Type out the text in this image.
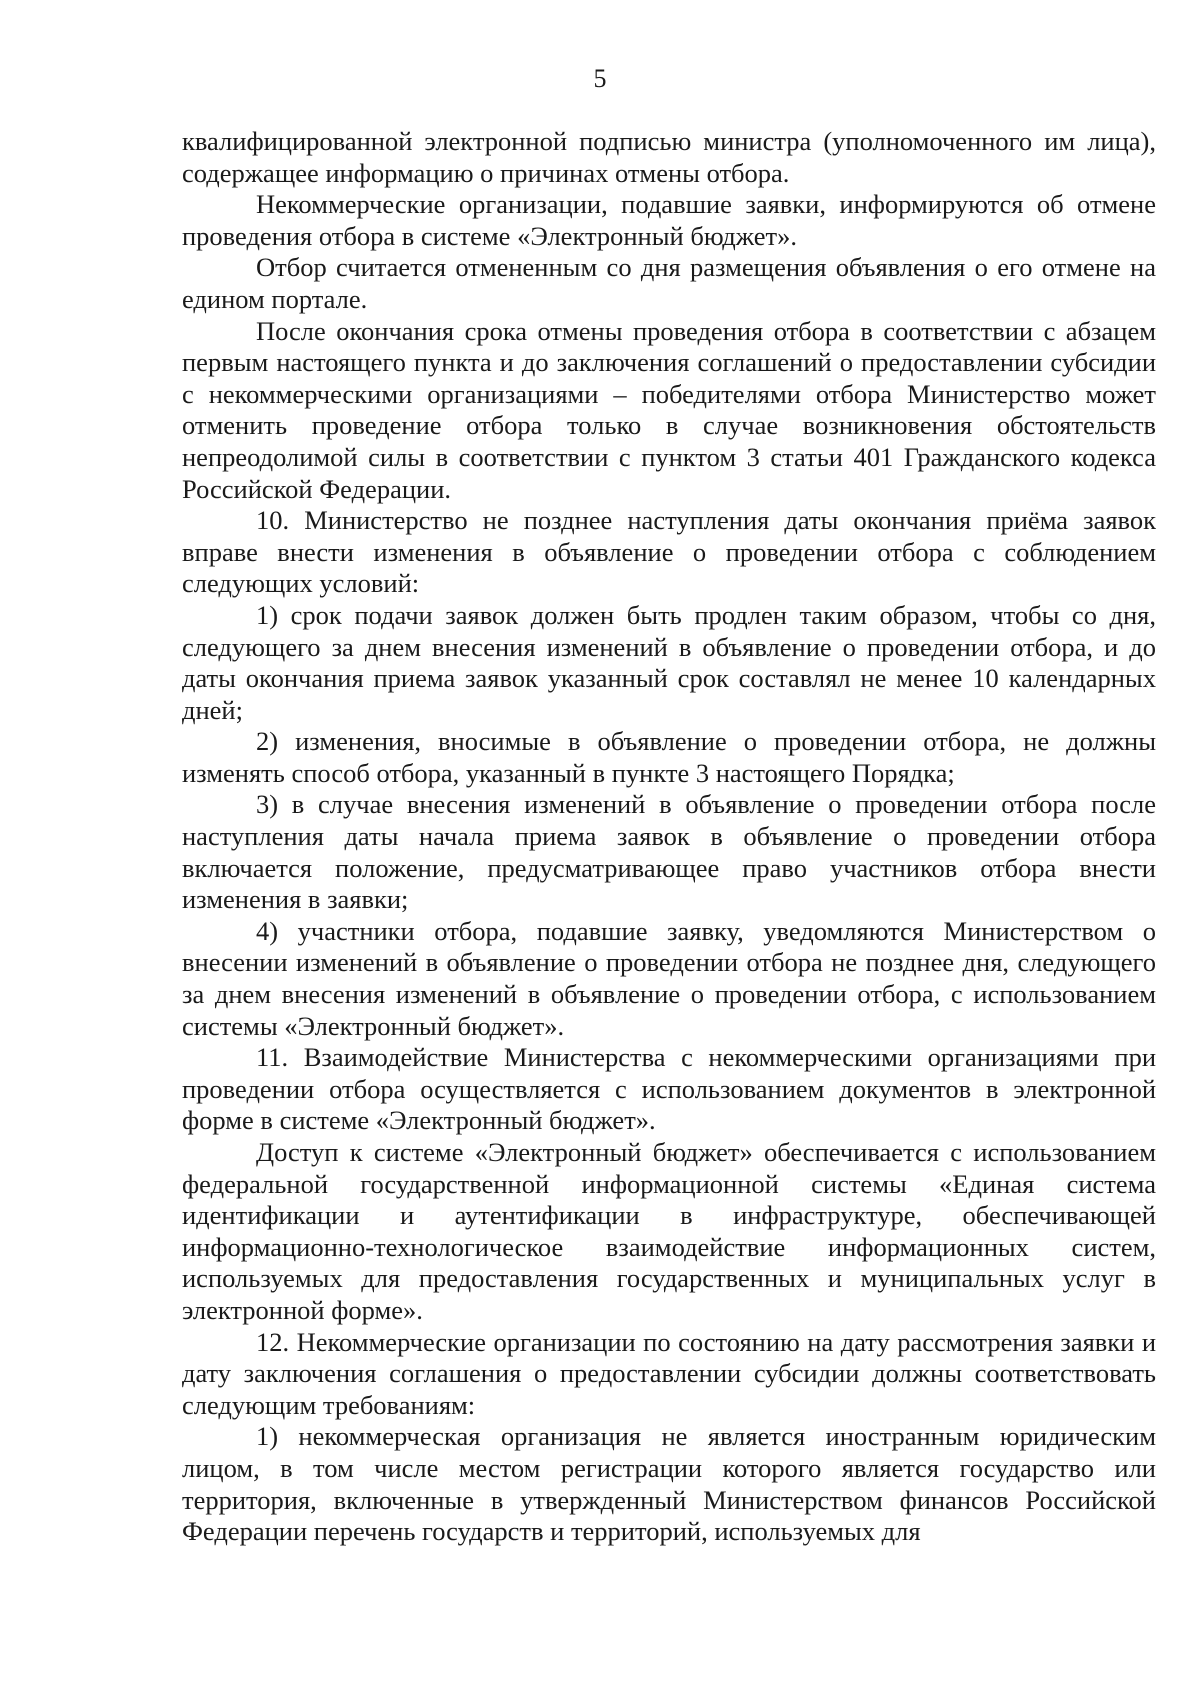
5

квалифицированной электронной подписью министра (уполномоченного им лица), содержащее информацию о причинах отмены отбора.

Некоммерческие организации, подавшие заявки, информируются об отмене проведения отбора в системе «Электронный бюджет».

Отбор считается отмененным со дня размещения объявления о его отмене на едином портале.

После окончания срока отмены проведения отбора в соответствии с абзацем первым настоящего пункта и до заключения соглашений о предоставлении субсидии с некоммерческими организациями – победителями отбора Министерство может отменить проведение отбора только в случае возникновения обстоятельств непреодолимой силы в соответствии с пунктом 3 статьи 401 Гражданского кодекса Российской Федерации.

10. Министерство не позднее наступления даты окончания приёма заявок вправе внести изменения в объявление о проведении отбора с соблюдением следующих условий:

1) срок подачи заявок должен быть продлен таким образом, чтобы со дня, следующего за днем внесения изменений в объявление о проведении отбора, и до даты окончания приема заявок указанный срок составлял не менее 10 календарных дней;

2) изменения, вносимые в объявление о проведении отбора, не должны изменять способ отбора, указанный в пункте 3 настоящего Порядка;

3) в случае внесения изменений в объявление о проведении отбора после наступления даты начала приема заявок в объявление о проведении отбора включается положение, предусматривающее право участников отбора внести изменения в заявки;

4) участники отбора, подавшие заявку, уведомляются Министерством о внесении изменений в объявление о проведении отбора не позднее дня, следующего за днем внесения изменений в объявление о проведении отбора, с использованием системы «Электронный бюджет».

11. Взаимодействие Министерства с некоммерческими организациями при проведении отбора осуществляется с использованием документов в электронной форме в системе «Электронный бюджет».

Доступ к системе «Электронный бюджет» обеспечивается с использованием федеральной государственной информационной системы «Единая система идентификации и аутентификации в инфраструктуре, обеспечивающей информационно-технологическое взаимодействие информационных систем, используемых для предоставления государственных и муниципальных услуг в электронной форме».

12. Некоммерческие организации по состоянию на дату рассмотрения заявки и дату заключения соглашения о предоставлении субсидии должны соответствовать следующим требованиям:

1) некоммерческая организация не является иностранным юридическим лицом, в том числе местом регистрации которого является государство или территория, включенные в утвержденный Министерством финансов Российской Федерации перечень государств и территорий, используемых для
